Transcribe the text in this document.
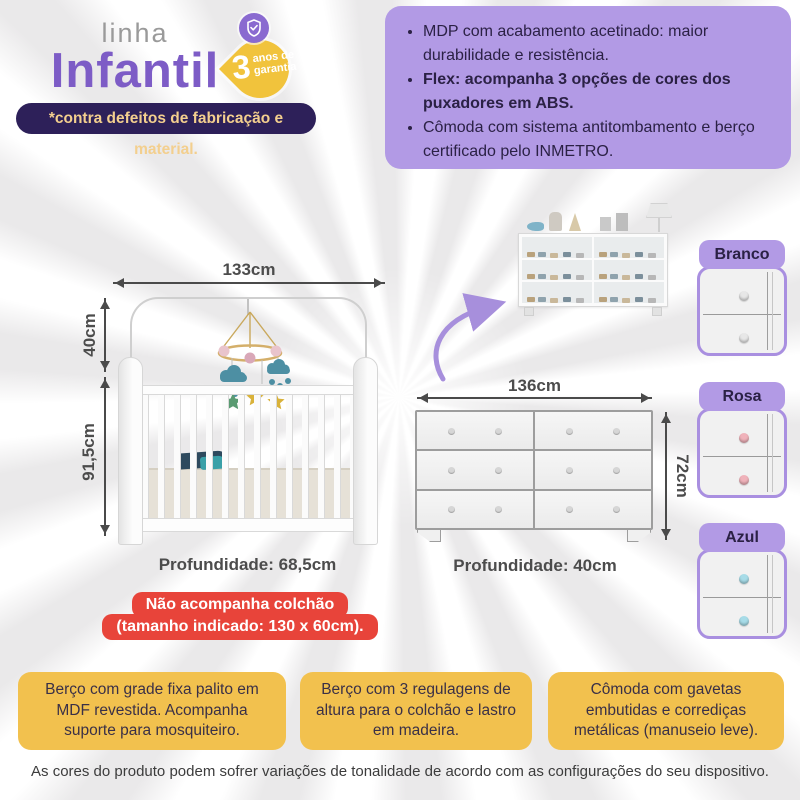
linha
Infantil 3 anos de
garantia
*contra defeitos de fabricação e material.
• MDP com acabamento acetinado: maior durabilidade e resistência.
• Flex: acompanha 3 opções de cores dos puxadores em ABS.
• Cômoda com sistema antitombamento e berço certificado pelo INMETRO.
133cm
40cm
91,5cm
Profundidade: 68,5cm
Não acompanha colchão
(tamanho indicado: 130 x 60cm).
136cm
72cm
Profundidade: 40cm
Branco
Rosa
Azul
Berço com grade fixa palito em MDF revestida. Acompanha suporte para mosquiteiro.
Berço com 3 regulagens de altura para o colchão e lastro em madeira.
Cômoda com gavetas embutidas e corrediças metálicas (manuseio leve).
As cores do produto podem sofrer variações de tonalidade de acordo com as configurações do seu dispositivo.
